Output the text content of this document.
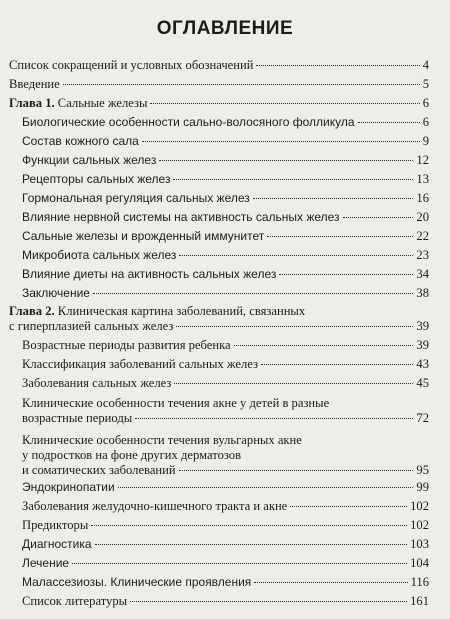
ОГЛАВЛЕНИЕ
Список сокращений и условных обозначений	4
Введение	5
Глава 1. Сальные железы	6
Биологические особенности сально-волосяного фолликула	6
Состав кожного сала	9
Функции сальных желез	12
Рецепторы сальных желез	13
Гормональная регуляция сальных желез	16
Влияние нервной системы на активность сальных желез	20
Сальные железы и врожденный иммунитет	22
Микробиота сальных желез	23
Влияние диеты на активность сальных желез	34
Заключение	38
Глава 2. Клиническая картина заболеваний, связанных
с гиперплазией сальных желез	39
Возрастные периоды развития ребенка	39
Классификация заболеваний сальных желез	43
Заболевания сальных желез	45
Клинические особенности течения акне у детей в разные
возрастные периоды	72
Клинические особенности течения вульгарных акне
у подростков на фоне других дерматозов
и соматических заболеваний	95
Эндокринопатии	99
Заболевания желудочно-кишечного тракта и акне	102
Предикторы	102
Диагностика	103
Лечение	104
Малассезиозы. Клинические проявления	116
Список литературы	161
